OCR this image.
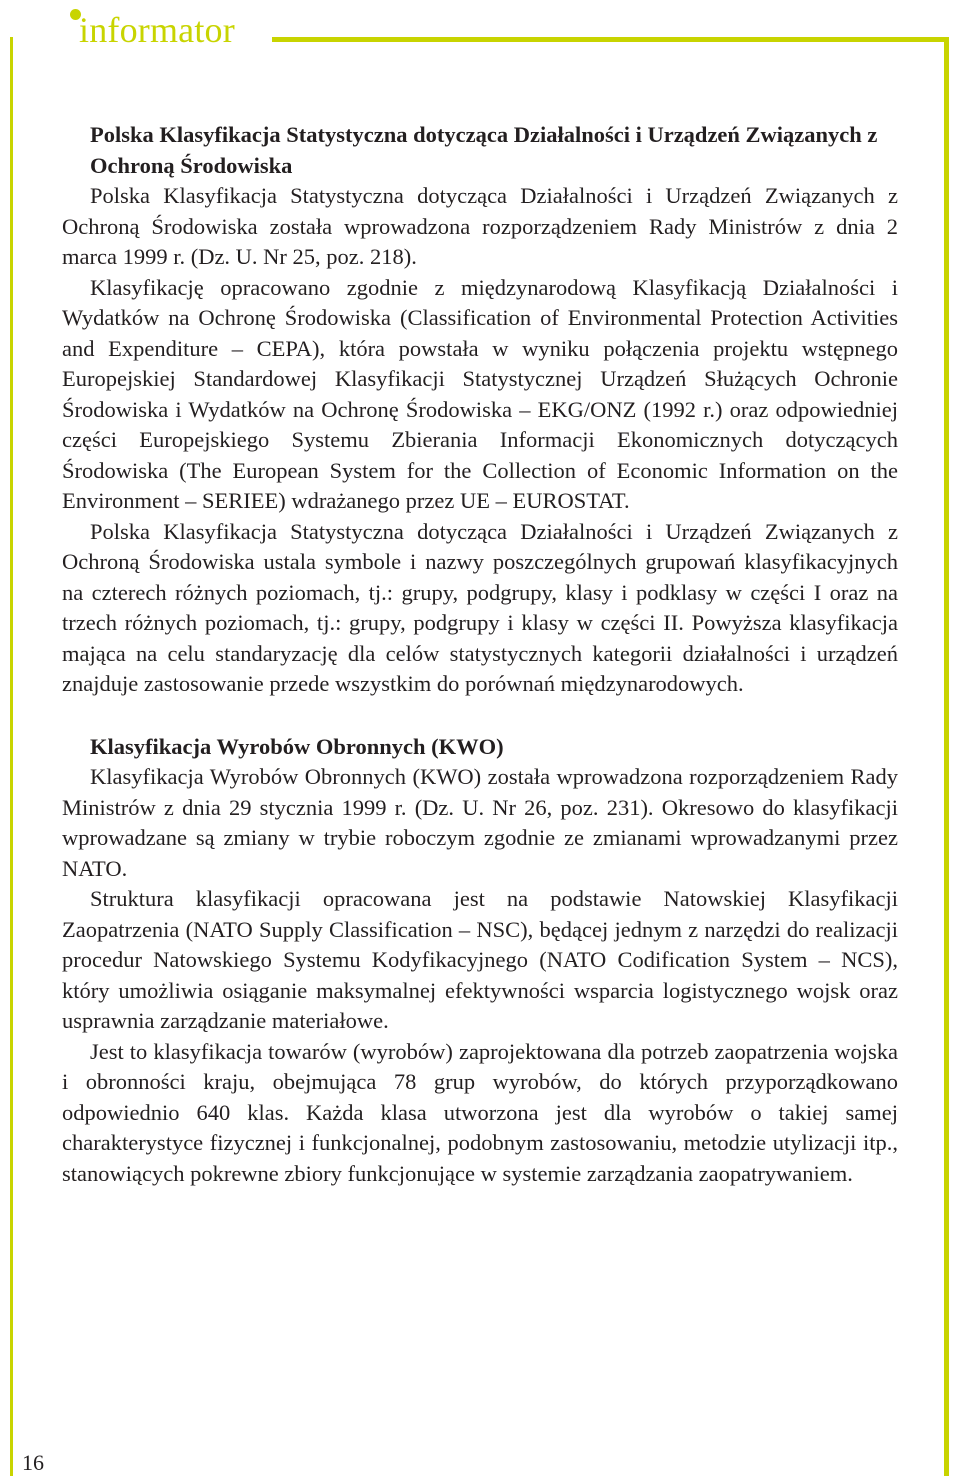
informator

Polska Klasyfikacja Statystyczna dotycząca Działalności i Urządzeń Związanych z Ochroną Środowiska

Polska Klasyfikacja Statystyczna dotycząca Działalności i Urządzeń Związanych z Ochroną Środowiska została wprowadzona rozporządzeniem Rady Ministrów z dnia 2 marca 1999 r. (Dz. U. Nr 25, poz. 218).

Klasyfikację opracowano zgodnie z międzynarodową Klasyfikacją Działalności i Wydatków na Ochronę Środowiska (Classification of Environmental Protection Activities and Expenditure – CEPA), która powstała w wyniku połączenia projektu wstępnego Europejskiej Standardowej Klasyfikacji Statystycznej Urządzeń Służących Ochronie Środowiska i Wydatków na Ochronę Środowiska – EKG/ONZ (1992 r.) oraz odpowiedniej części Europejskiego Systemu Zbierania Informacji Ekonomicznych dotyczących Środowiska (The European System for the Collection of Economic Information on the Environment – SERIEE) wdrażanego przez UE – EUROSTAT.

Polska Klasyfikacja Statystyczna dotycząca Działalności i Urządzeń Związanych z Ochroną Środowiska ustala symbole i nazwy poszczególnych grupowań klasyfikacyjnych na czterech różnych poziomach, tj.: grupy, podgrupy, klasy i podklasy w części I oraz na trzech różnych poziomach, tj.: grupy, podgrupy i klasy w części II. Powyższa klasyfikacja mająca na celu standaryzację dla celów statystycznych kategorii działalności i urządzeń znajduje zastosowanie przede wszystkim do porównań międzynarodowych.

Klasyfikacja Wyrobów Obronnych (KWO)

Klasyfikacja Wyrobów Obronnych (KWO) została wprowadzona rozporządzeniem Rady Ministrów z dnia 29 stycznia 1999 r. (Dz. U. Nr 26, poz. 231). Okresowo do klasyfikacji wprowadzane są zmiany w trybie roboczym zgodnie ze zmianami wprowadzanymi przez NATO.

Struktura klasyfikacji opracowana jest na podstawie Natowskiej Klasyfikacji Zaopatrzenia (NATO Supply Classification – NSC), będącej jednym z narzędzi do realizacji procedur Natowskiego Systemu Kodyfikacyjnego (NATO Codification System – NCS), który umożliwia osiąganie maksymalnej efektywności wsparcia logistycznego wojsk oraz usprawnia zarządzanie materiałowe.

Jest to klasyfikacja towarów (wyrobów) zaprojektowana dla potrzeb zaopatrzenia wojska i obronności kraju, obejmująca 78 grup wyrobów, do których przyporządkowano odpowiednio 640 klas. Każda klasa utworzona jest dla wyrobów o takiej samej charakterystyce fizycznej i funkcjonalnej, podobnym zastosowaniu, metodzie utylizacji itp., stanowiących pokrewne zbiory funkcjonujące w systemie zarządzania zaopatrywaniem.

16
